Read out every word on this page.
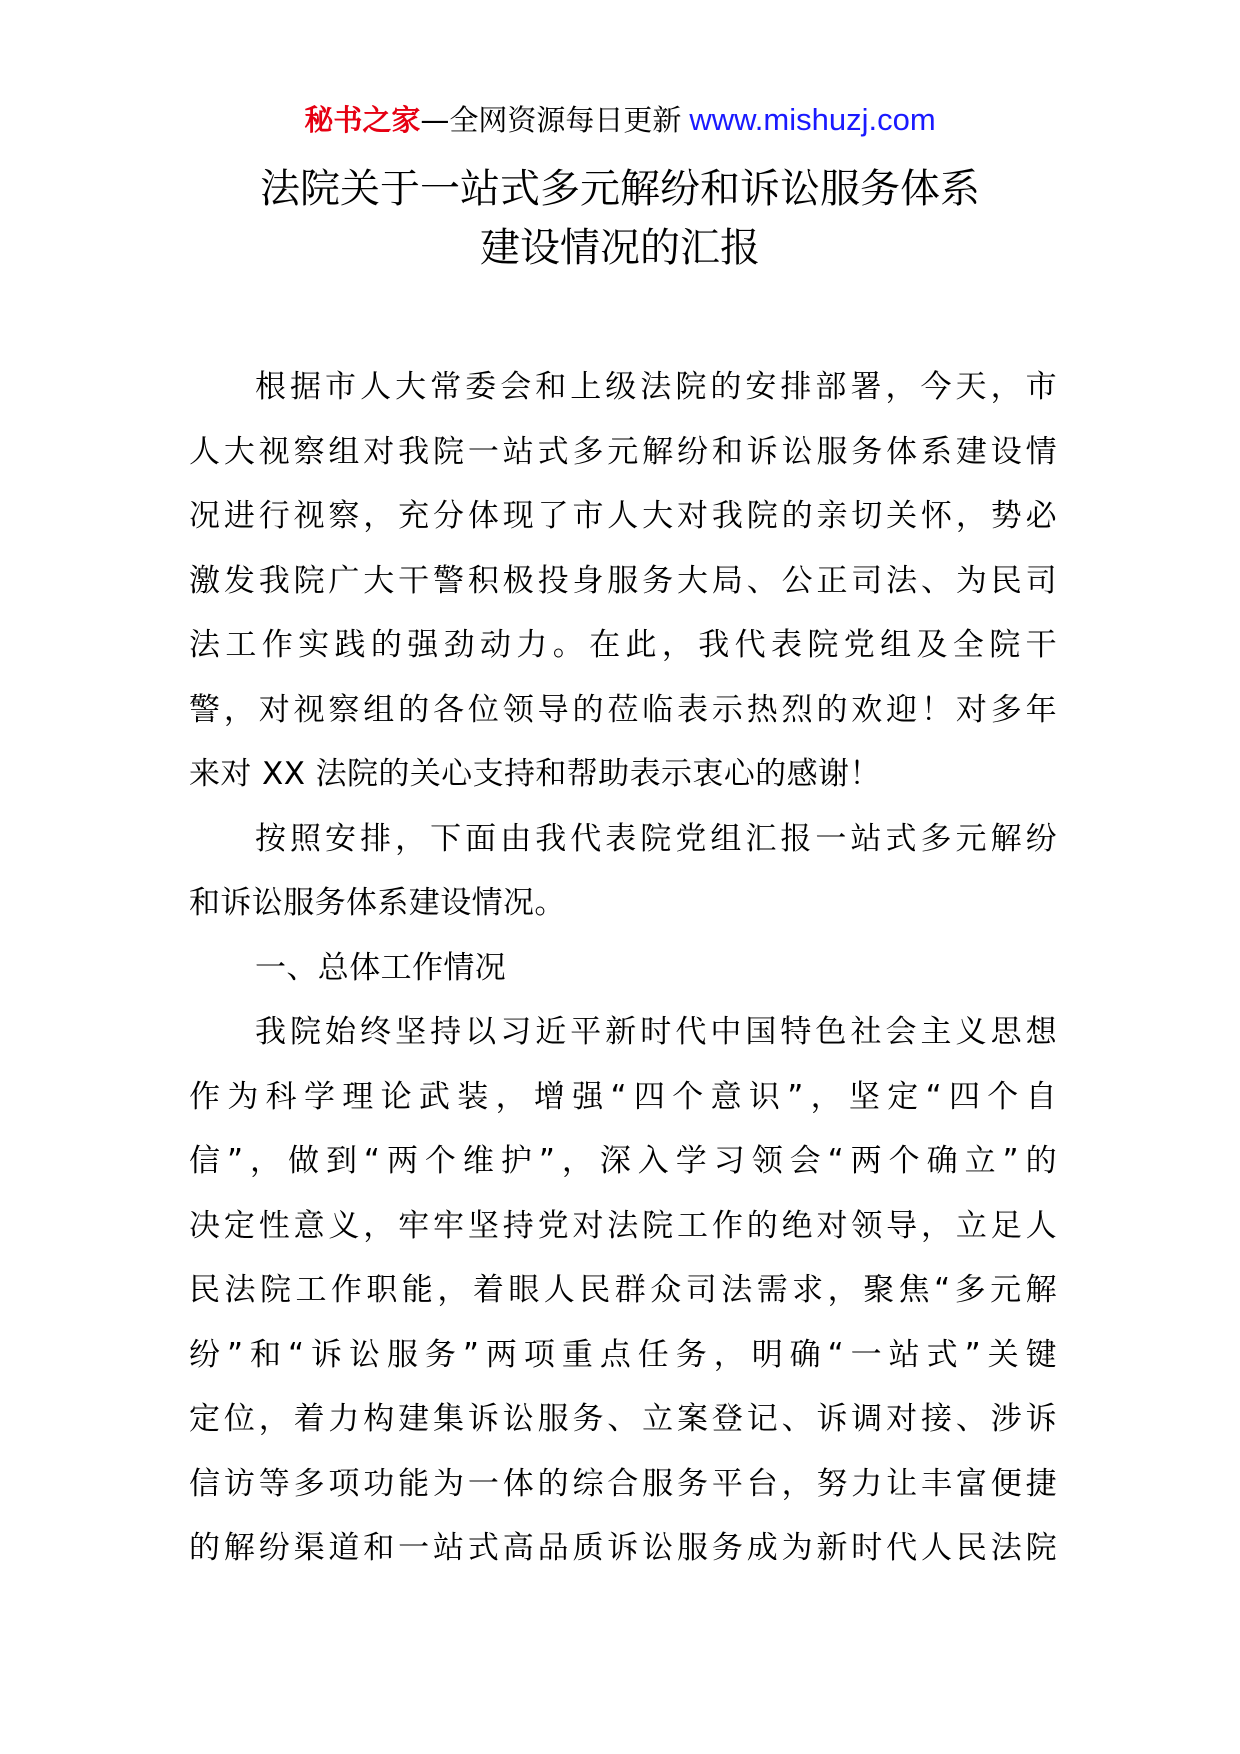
秘书之家—全网资源每日更新 www.mishuzj.com
法院关于一站式多元解纷和诉讼服务体系
建设情况的汇报
根据市人大常委会和上级法院的安排部署，今天，市
人大视察组对我院一站式多元解纷和诉讼服务体系建设情
况进行视察，充分体现了市人大对我院的亲切关怀，势必
激发我院广大干警积极投身服务大局、公正司法、为民司
法工作实践的强劲动力。在此，我代表院党组及全院干
警，对视察组的各位领导的莅临表示热烈的欢迎！对多年
来对 XX 法院的关心支持和帮助表示衷心的感谢！
按照安排，下面由我代表院党组汇报一站式多元解纷
和诉讼服务体系建设情况。
一、总体工作情况
我院始终坚持以习近平新时代中国特色社会主义思想
作为科学理论武装，增强“四个意识”，坚定“四个自
信”，做到“两个维护”，深入学习领会“两个确立”的
决定性意义，牢牢坚持党对法院工作的绝对领导，立足人
民法院工作职能，着眼人民群众司法需求，聚焦“多元解
纷”和“诉讼服务”两项重点任务，明确“一站式”关键
定位，着力构建集诉讼服务、立案登记、诉调对接、涉诉
信访等多项功能为一体的综合服务平台，努力让丰富便捷
的解纷渠道和一站式高品质诉讼服务成为新时代人民法院
